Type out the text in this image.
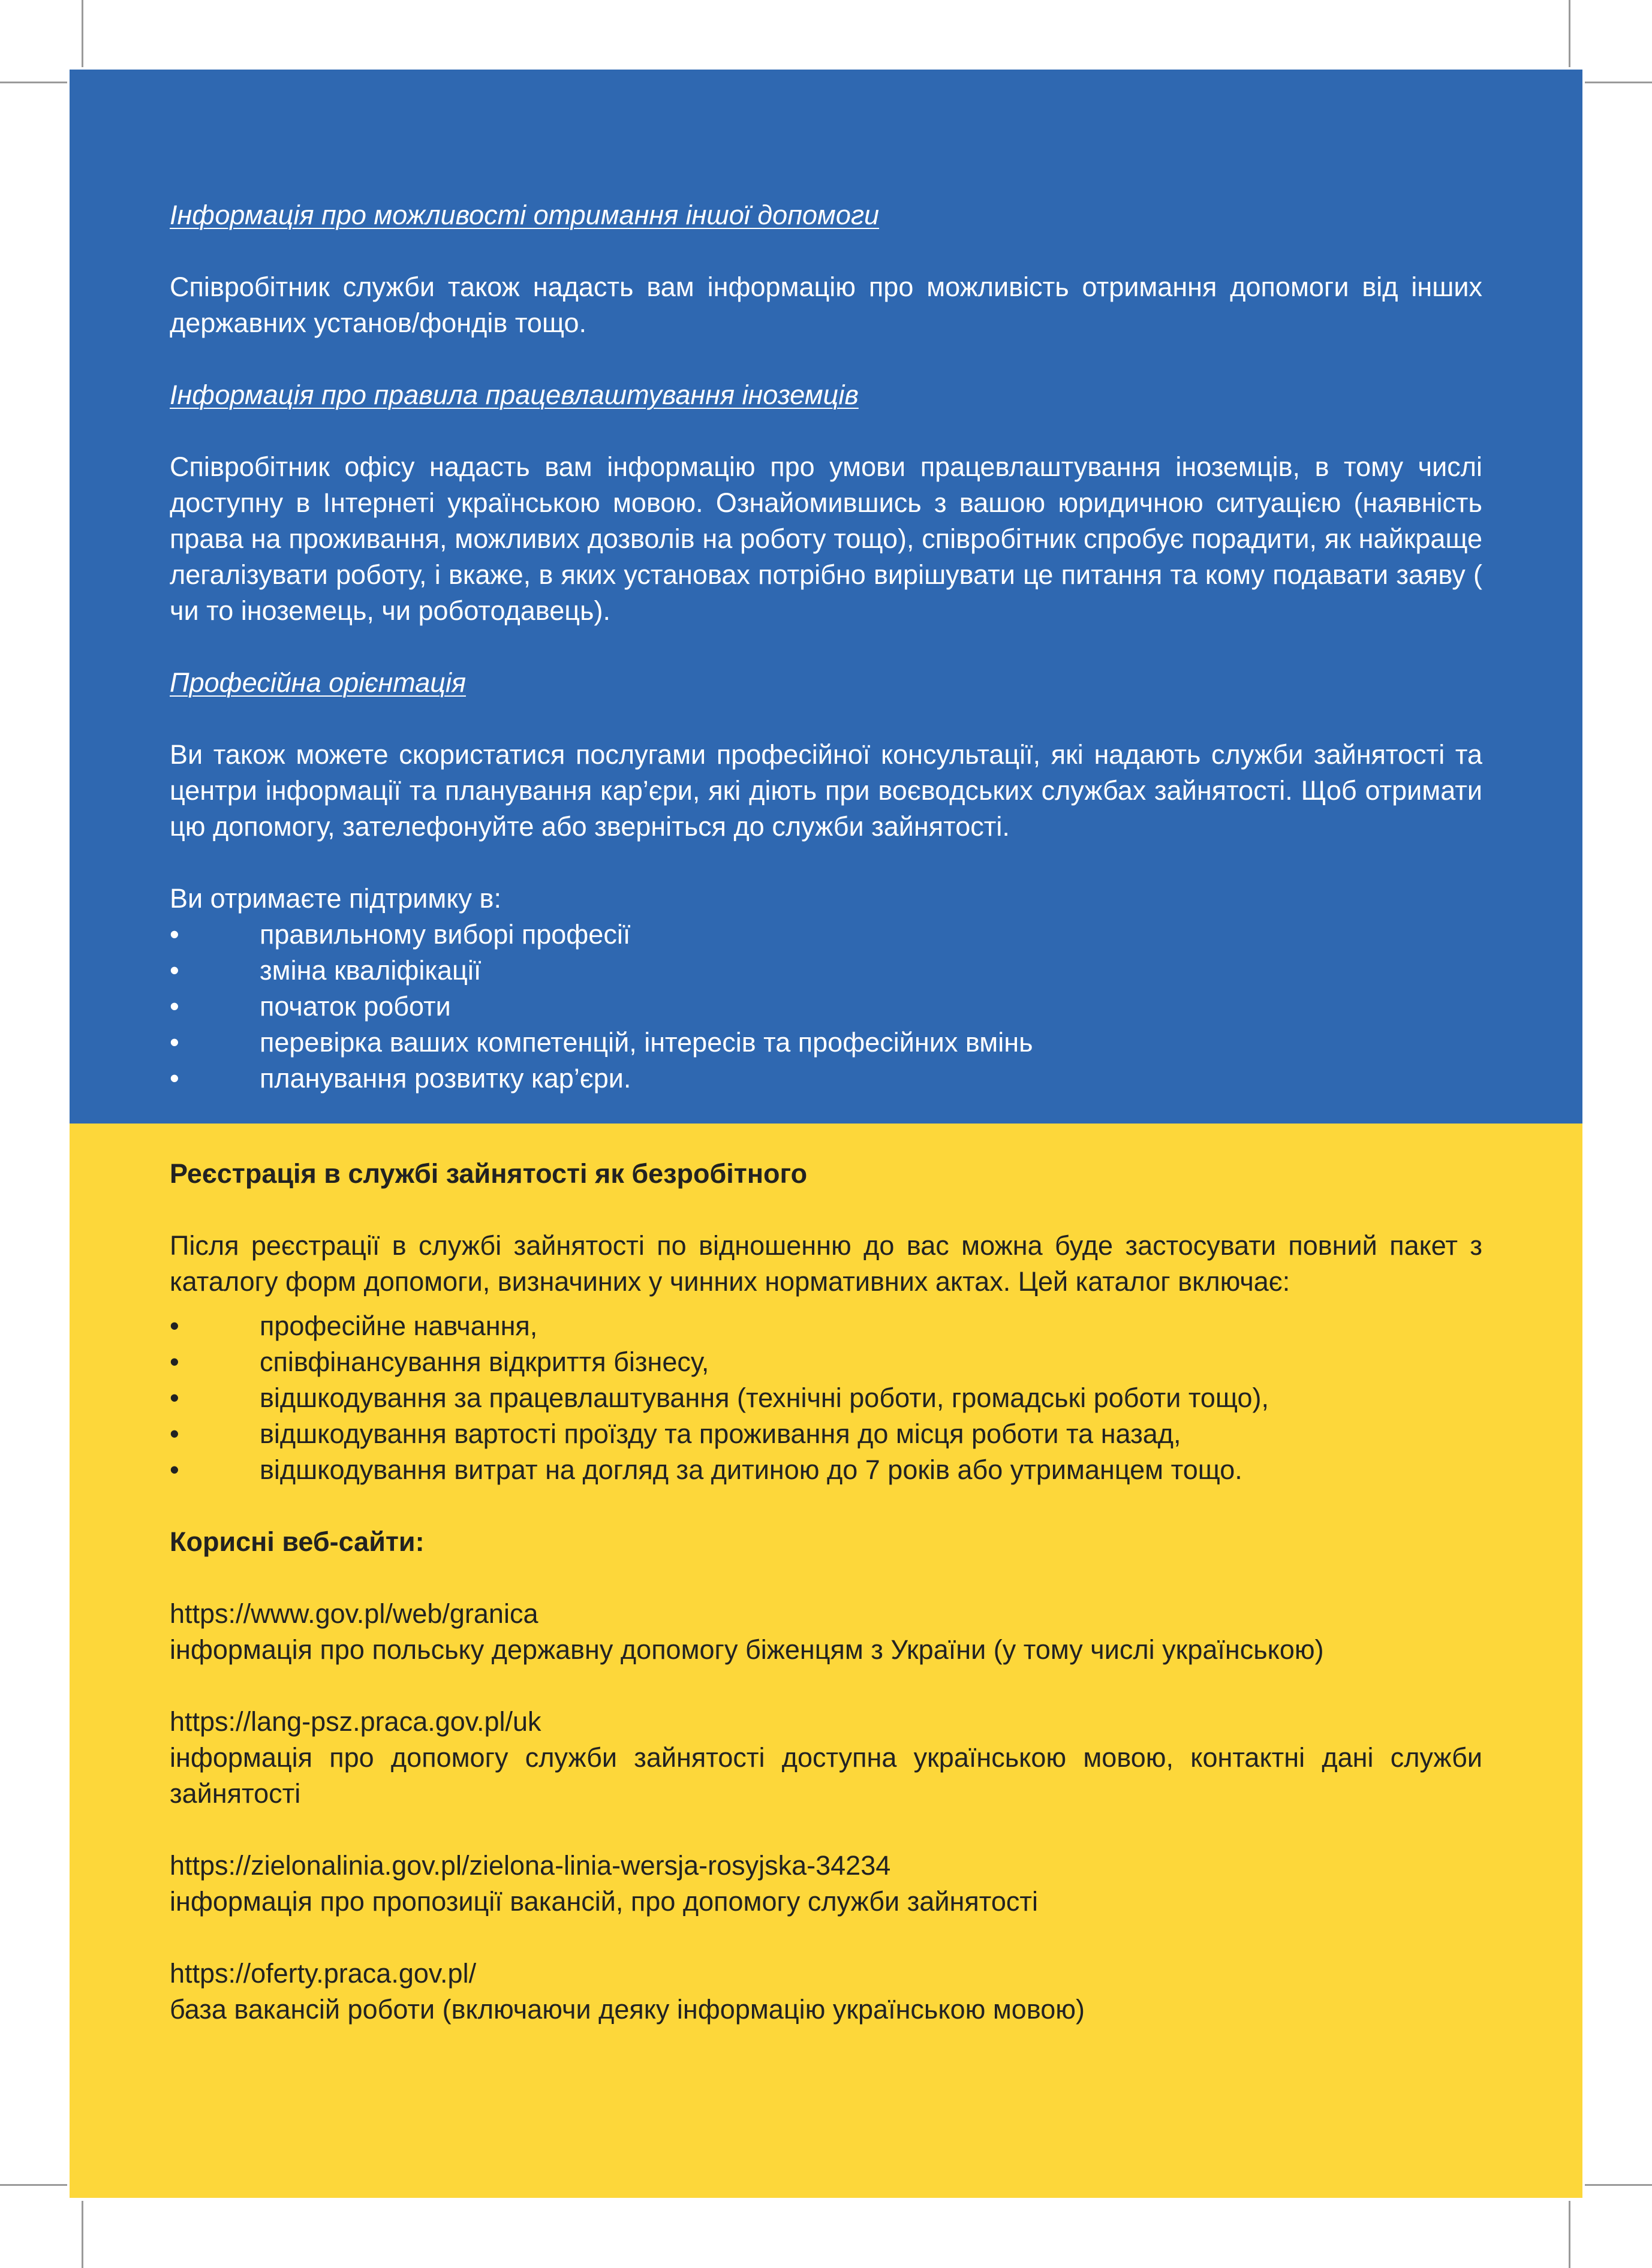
Інформація про можливості отримання іншої допомоги

Співробітник служби також надасть вам інформацію про можливість отримання допомоги від інших державних установ/фондів тощо.

Інформація про правила працевлаштування іноземців

Співробітник офісу надасть вам інформацію про умови працевлаштування іноземців, в тому числі доступну в Інтернеті українською мовою. Ознайомившись з вашою юридичною ситуацією (наявність права на проживання, можливих дозволів на роботу тощо), співробітник спробує порадити, як найкраще легалізувати роботу, і вкаже, в яких установах потрібно вирішувати це питання та кому подавати заяву ( чи то іноземець, чи роботодавець).

Професійна орієнтація

Ви також можете скористатися послугами професійної консультації, які надають служби зайнятості та центри інформації та планування кар’єри, які діють при воєводських службах зайнятості. Щоб отримати цю допомогу, зателефонуйте або зверніться до служби зайнятості.

Ви отримаєте підтримку в:

•	правильному виборі професії
•	зміна кваліфікації
•	початок роботи
•	перевірка ваших компетенцій, інтересів та професійних вмінь
•	планування розвитку кар’єри.

Реєстрація в службі зайнятості як безробітного

Після реєстрації в службі зайнятості по відношенню до вас можна буде застосувати повний пакет з каталогу форм допомоги, визначиних у чинних нормативних актах. Цей каталог включає:

•	професійне навчання,
•	співфінансування відкриття бізнесу,
•	відшкодування за працевлаштування (технічні роботи, громадські роботи тощо),
•	відшкодування вартості проїзду та проживання до місця роботи та назад,
•	відшкодування витрат на догляд за дитиною до 7 років або утриманцем тощо.

Корисні веб-сайти:

https://www.gov.pl/web/granica

інформація про польську державну допомогу біженцям з України (у тому числі українською)

https://lang-psz.praca.gov.pl/uk

інформація про допомогу служби зайнятості доступна українською мовою, контактні дані служби зайнятості

https://zielonalinia.gov.pl/zielona-linia-wersja-rosyjska-34234

інформація про пропозиції вакансій, про допомогу служби зайнятості

https://oferty.praca.gov.pl/

база вакансій роботи (включаючи деяку інформацію українською мовою)
